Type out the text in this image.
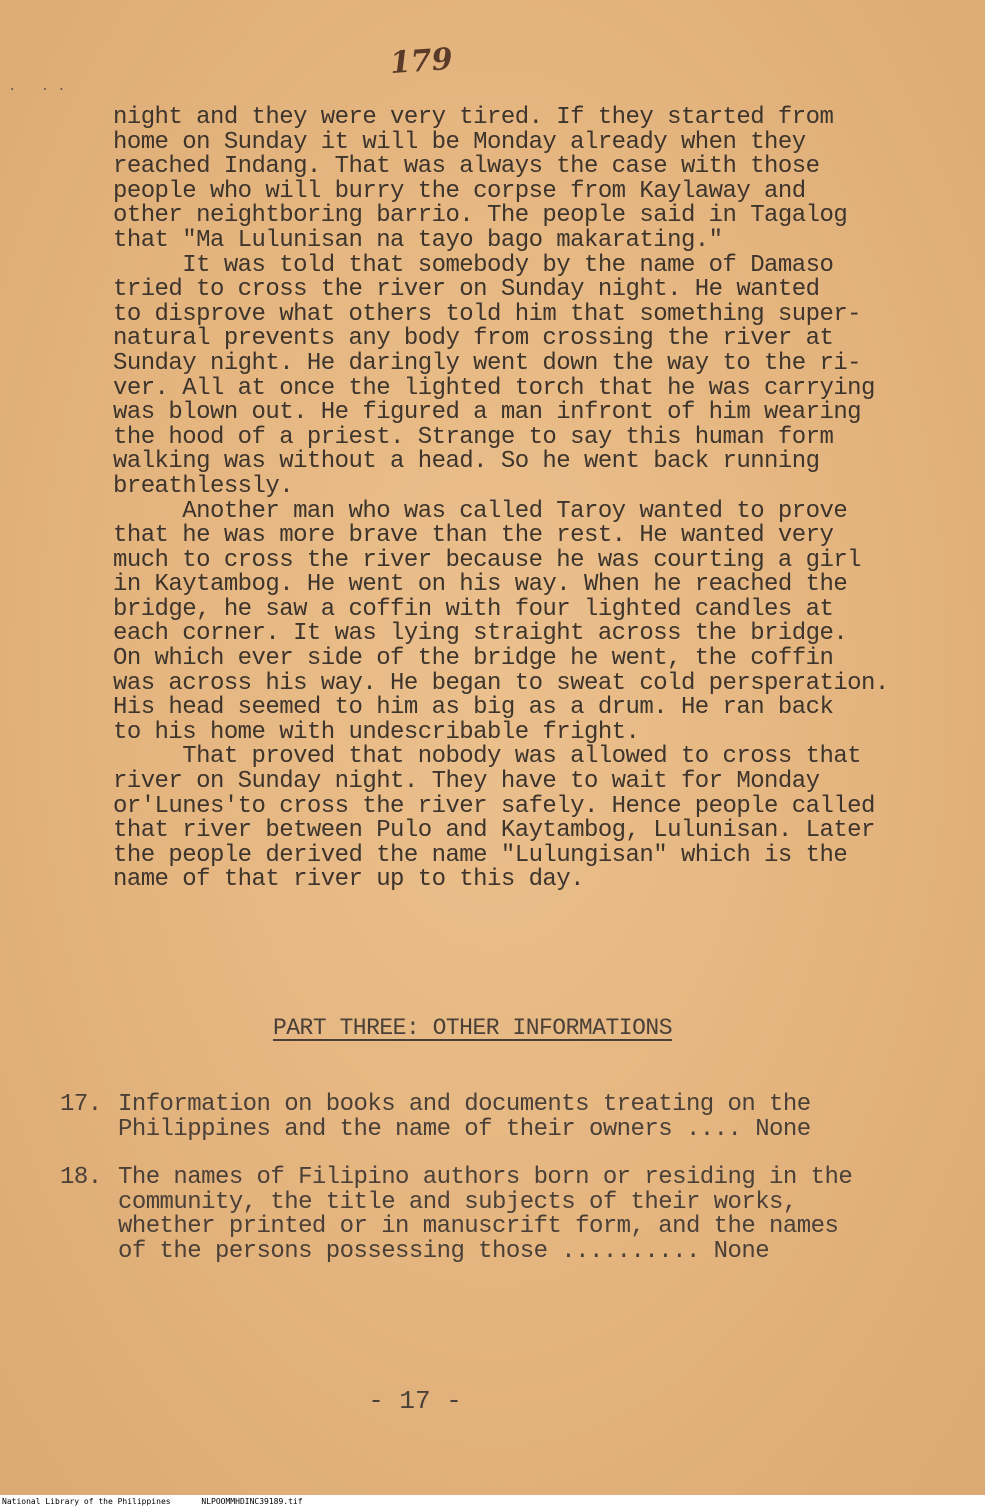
· ··
179
night and they were very tired. If they started from
home on Sunday it will be Monday already when they
reached Indang. That was always the case with those
people who will burry the corpse from Kaylaway and
other neightboring barrio. The people said in Tagalog
that "Ma Lulunisan na tayo bago makarating."
It was told that somebody by the name of Damaso
tried to cross the river on Sunday night. He wanted
to disprove what others told him that something super-
natural prevents any body from crossing the river at
Sunday night. He daringly went down the way to the ri-
ver. All at once the lighted torch that he was carrying
was blown out. He figured a man infront of him wearing
the hood of a priest. Strange to say this human form
walking was without a head. So he went back running
breathlessly.
Another man who was called Taroy wanted to prove
that he was more brave than the rest. He wanted very
much to cross the river because he was courting a girl
in Kaytambog. He went on his way. When he reached the
bridge, he saw a coffin with four lighted candles at
each corner. It was lying straight across the bridge.
On which ever side of the bridge he went, the coffin
was across his way. He began to sweat cold persperation.
His head seemed to him as big as a drum. He ran back
to his home with undescribable fright.
That proved that nobody was allowed to cross that
river on Sunday night. They have to wait for Monday
or'Lunes'to cross the river safely. Hence people called
that river between Pulo and Kaytambog, Lulunisan. Later
the people derived the name "Lulungisan" which is the
name of that river up to this day.
PART THREE: OTHER INFORMATIONS
17. Information on books and documents treating on the
Philippines and the name of their owners .... None
18. The names of Filipino authors born or residing in the
community, the title and subjects of their works,
whether printed or in manuscrift form, and the names
of the persons possessing those .......... None
- 17 -
National Library of the Philippines	NLPOOMMHDINC39189.tif
